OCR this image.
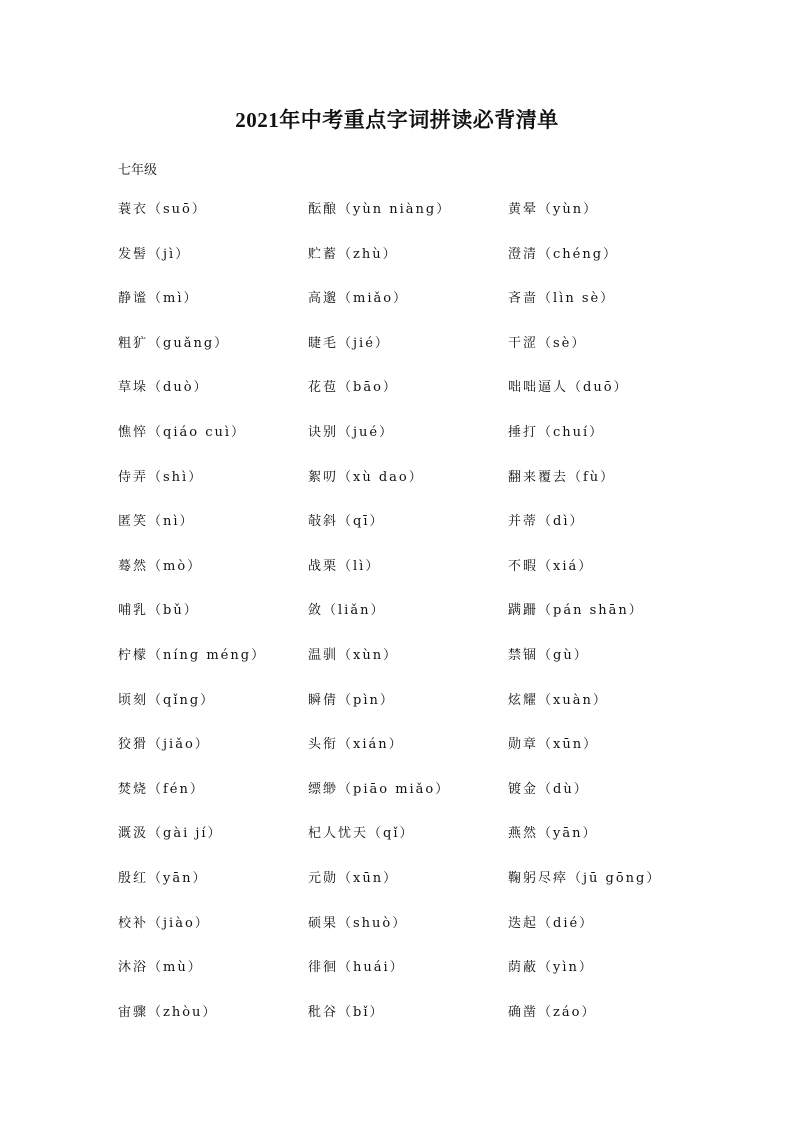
2021年中考重点字词拼读必背清单
七年级
蓑衣（suō）	酝酿（yùn niàng）	黄晕（yùn）
发髻（jì）	贮蓄（zhù）	澄清（chéng）
静谧（mì）	高邈（miǎo）	吝啬（lìn sè）
粗犷（guǎng）	睫毛（jié）	干涩（sè）
草垛（duò）	花苞（bāo）	咄咄逼人（duō）
憔悴（qiáo cuì）	诀别（jué）	捶打（chuí）
侍弄（shì）	絮叨（xù dao）	翻来覆去（fù）
匿笑（nì）	敧斜（qī）	并蒂（dì）
蓦然（mò）	战栗（lì）	不暇（xiá）
哺乳（bǔ）	敛（liǎn）	蹒跚（pán shān）
柠檬（níng méng）	温驯（xùn）	禁锢（gù）
顷刻（qǐng）	瞬倩（pìn）	炫耀（xuàn）
狡猾（jiǎo）	头衔（xián）	勋章（xūn）
焚烧（fén）	缥缈（piāo miǎo）	镀金（dù）
溉汲（gài jí）	杞人忧天（qǐ）	燕然（yān）
殷红（yān）	元勋（xūn）	鞠躬尽瘁（jū gōng）
校补（jiào）	硕果（shuò）	迭起（dié）
沐浴（mù）	徘徊（huái）	荫蔽（yìn）
宙骤（zhòu）	秕谷（bǐ）	确凿（záo）
